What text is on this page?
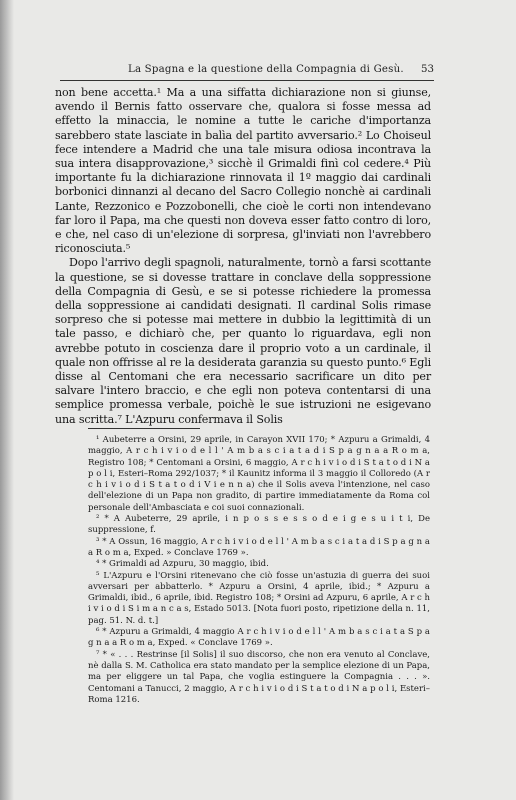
La Spagna e la questione della Compagnia di Gesù. 53

non bene accetta.¹ Ma a una siffatta dichiarazione non si giunse, avendo il Bernis fatto osservare che, qualora si fosse messa ad effetto la minaccia, le nomine a tutte le cariche d'importanza sarebbero state lasciate in balìa del partito avversario.² Lo Choiseul fece intendere a Madrid che una tale misura odiosa incontrava la sua intera disapprovazione,³ sicchè il Grimaldi finì col cedere.⁴ Più importante fu la dichiarazione rinnovata il 1º maggio dai cardinali borbonici dinnanzi al decano del Sacro Collegio nonchè ai cardinali Lante, Rezzonico e Pozzobonelli, che cioè le corti non intendevano far loro il Papa, ma che questi non doveva esser fatto contro di loro, e che, nel caso di un'elezione di sorpresa, gl'inviati non l'avrebbero riconosciuta.⁵

Dopo l'arrivo degli spagnoli, naturalmente, tornò a farsi scottante la questione, se si dovesse trattare in conclave della soppressione della Compagnia di Gesù, e se si potesse richiedere la promessa della soppressione ai candidati designati. Il cardinal Solis rimase sorpreso che si potesse mai mettere in dubbio la legittimità di un tale passo, e dichiarò che, per quanto lo riguardava, egli non avrebbe potuto in coscienza dare il proprio voto a un cardinale, il quale non offrisse al re la desiderata garanzia su questo punto.⁶ Egli disse al Centomani che era necessario sacrificare un dito per salvare l'intero braccio, e che egli non poteva contentarsi di una semplice promessa verbale, poichè le sue istruzioni ne esigevano una scritta.⁷ L'Azpuru confermava il Solis

¹ Aubeterre a Orsini, 29 aprile, in Carayon XVII 170; * Azpuru a Grimaldi, 4 maggio, A r c h i v i o d e l l ' A m b a s c i a t a d i S p a g n a a R o m a, Registro 108; * Centomani a Orsini, 6 maggio, A r c h i v i o d i S t a t o d i N a p o l i, Esteri–Roma 292/1037; * il Kaunitz informa il 3 maggio il Colloredo (A r c h i v i o d i S t a t o d i V i e n n a) che il Solis aveva l'intenzione, nel caso dell'elezione di un Papa non gradito, di partire immediatamente da Roma col personale dell'Ambasciata e coi suoi connazionali.

² * A Aubeterre, 29 aprile, i n p o s s e s s o d e i g e s u i t i, De suppressione, f.

³ * A Ossun, 16 maggio, A r c h i v i o d e l l ' A m b a s c i a t a d i S p a g n a a R o m a, Exped. » Conclave 1769 ».

⁴ * Grimaldi ad Azpuru, 30 maggio, ibid.

⁵ L'Azpuru e l'Orsini ritenevano che ciò fosse un'astuzia di guerra dei suoi avversari per abbatterlo. * Azpuru a Orsini, 4 aprile, ibid.; * Azpuru a Grimaldi, ibid., 6 aprile, ibid. Registro 108; * Orsini ad Azpuru, 6 aprile, A r c h i v i o d i S i m a n c a s, Estado 5013. [Nota fuori posto, ripetizione della n. 11, pag. 51. N. d. t.]

⁶ * Azpuru a Grimaldi, 4 maggio A r c h i v i o d e l l ' A m b a s c i a t a S p a g n a a R o m a, Exped. « Conclave 1769 ».

⁷ * « . . . Restrinse [il Solis] il suo discorso, che non era venuto al Conclave, nè dalla S. M. Catholica era stato mandato per la semplice elezione di un Papa, ma per eliggere un tal Papa, che voglia estinguere la Compagnia . . . ». Centomani a Tanucci, 2 maggio, A r c h i v i o d i S t a t o d i N a p o l i, Esteri–Roma 1216.
